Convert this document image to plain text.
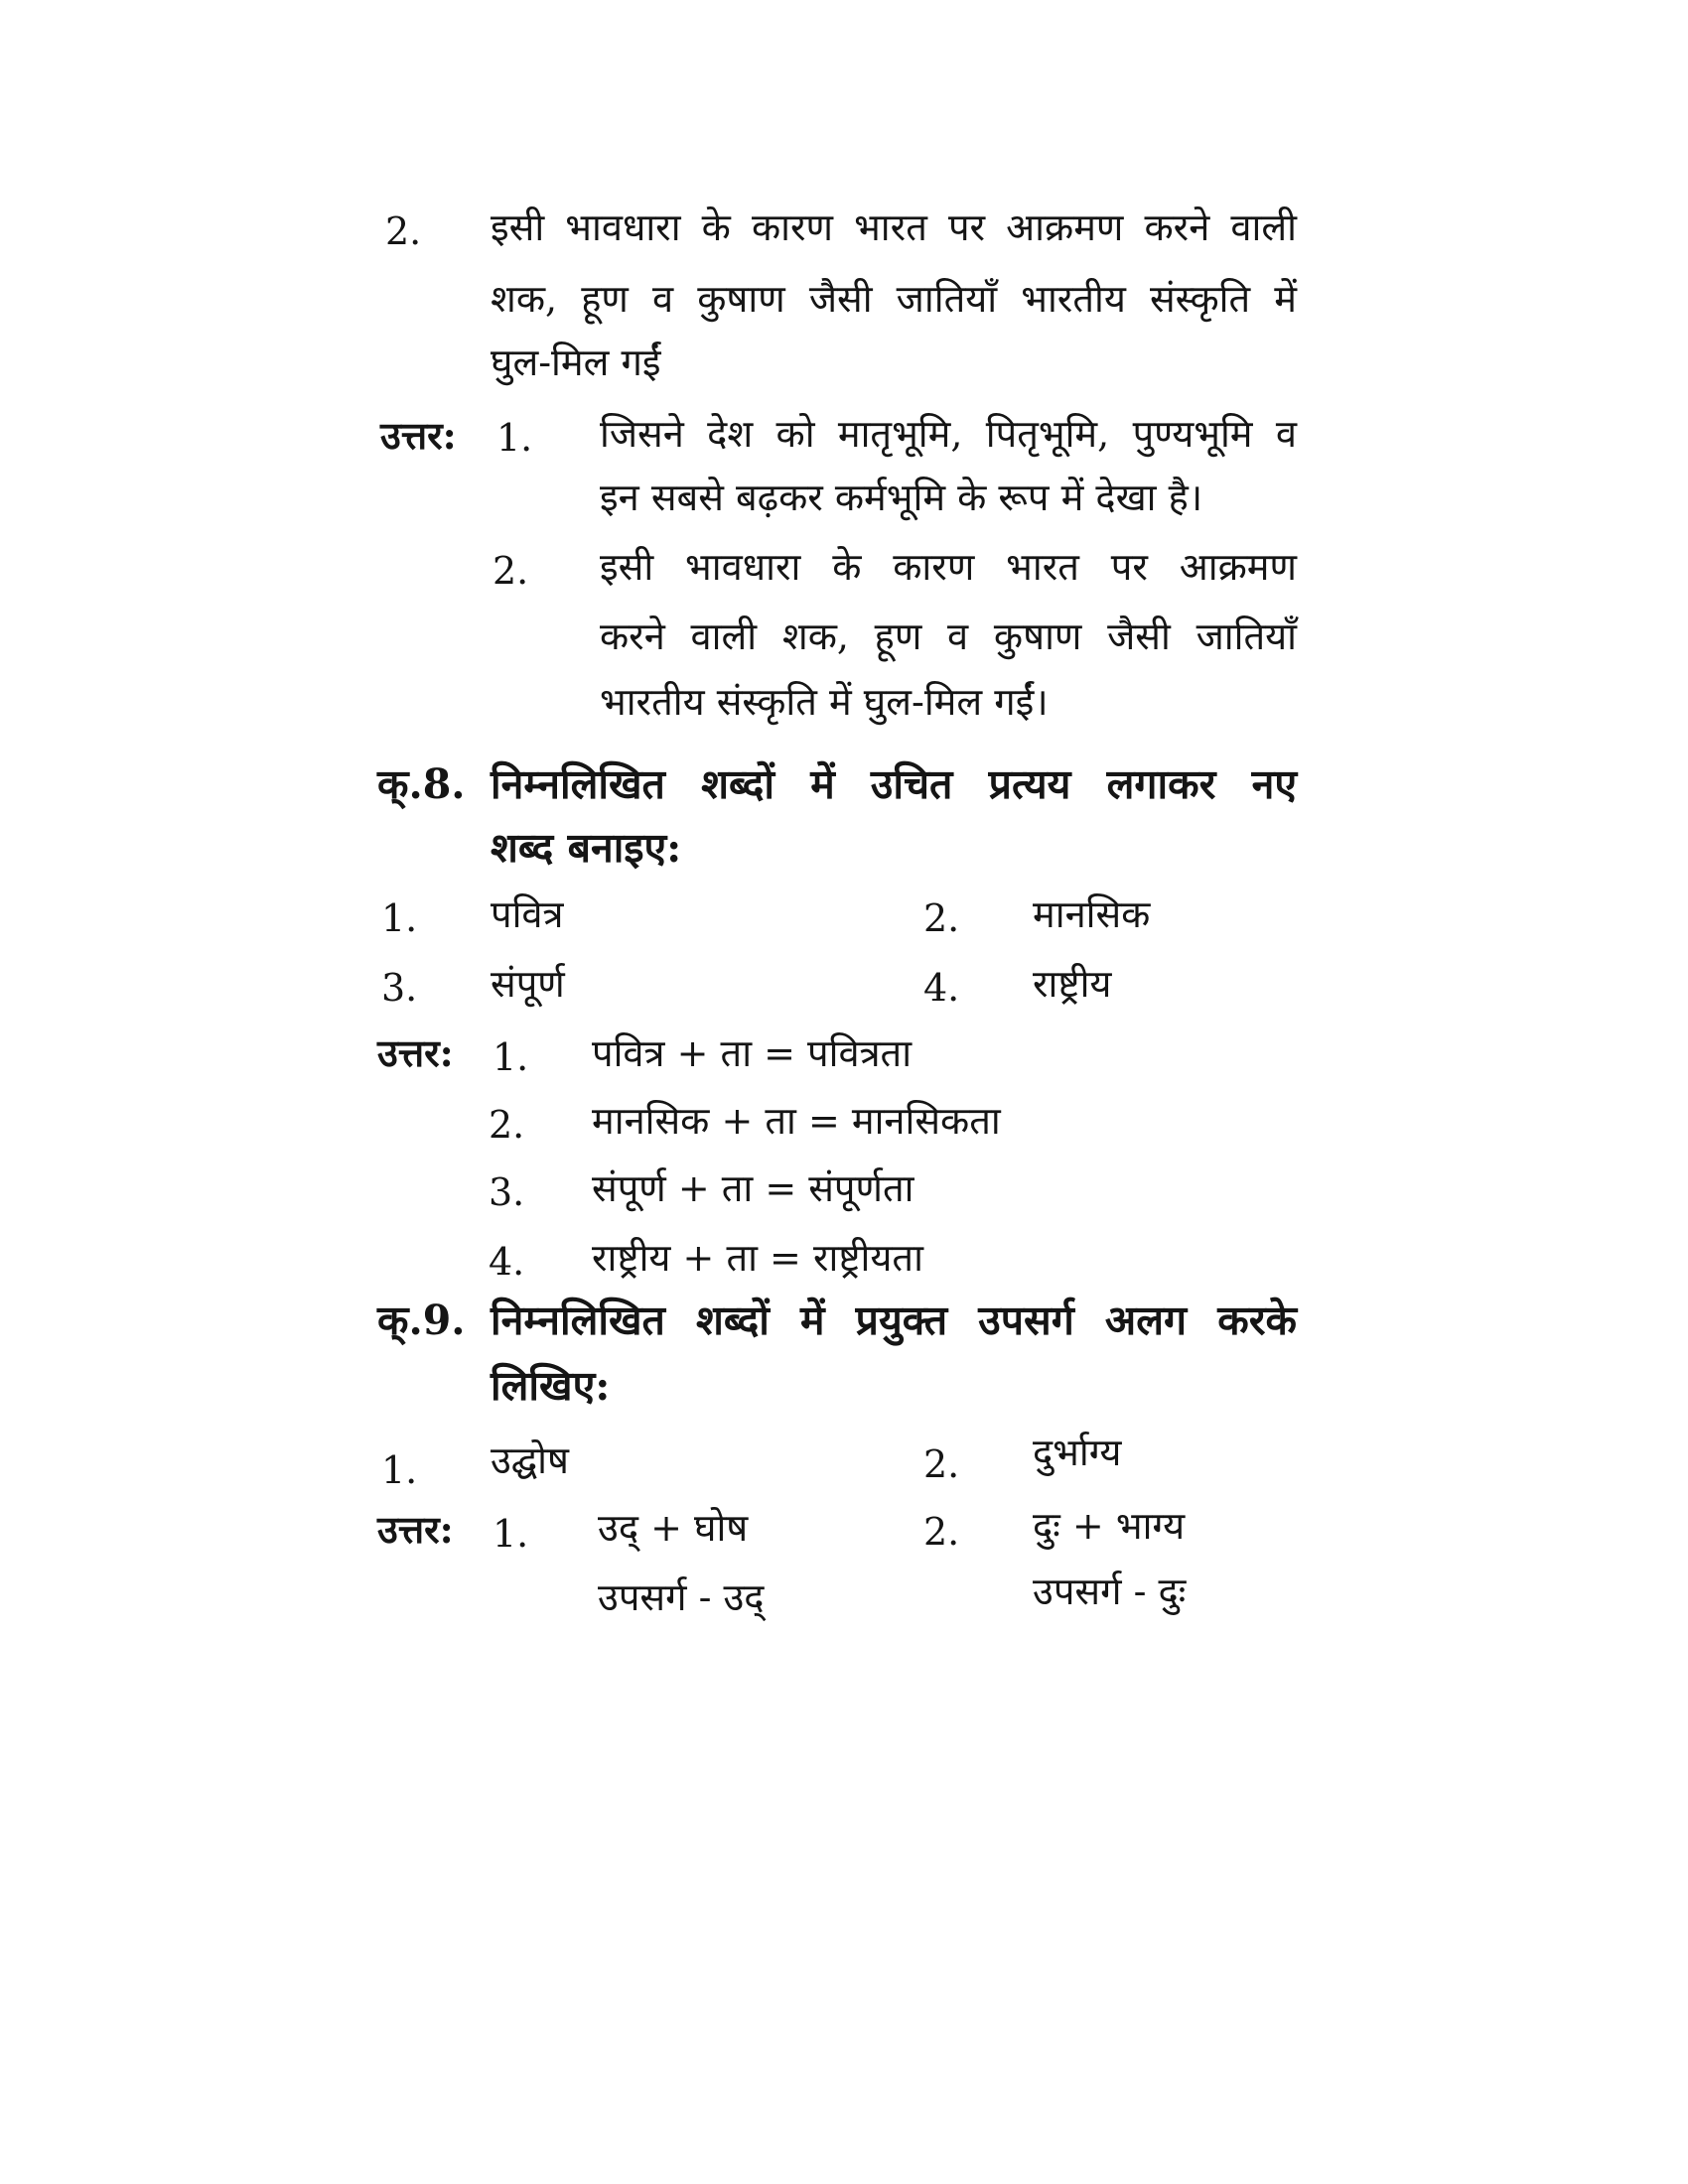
2. इसी भावधारा के कारण भारत पर आक्रमण करने वाली
शक, हूण व कुषाण जैसी जातियाँ भारतीय संस्कृति में
घुल-मिल गईं
उत्तर: 1. जिसने देश को मातृभूमि, पितृभूमि, पुण्यभूमि व
इन सबसे बढ़कर कर्मभूमि के रूप में देखा है।
2. इसी भावधारा के कारण भारत पर आक्रमण
करने वाली शक, हूण व कुषाण जैसी जातियाँ
भारतीय संस्कृति में घुल-मिल गईं।
क्.8. निम्नलिखित शब्दों में उचित प्रत्यय लगाकर नए
शब्द बनाइए:
1. पवित्र	2. मानसिक
3. संपूर्ण	4. राष्ट्रीय
उत्तर: 1. पवित्र + ता = पवित्रता
2. मानसिक + ता = मानसिकता
3. संपूर्ण + ता = संपूर्णता
4. राष्ट्रीय + ता = राष्ट्रीयता
क्.9. निम्नलिखित शब्दों में प्रयुक्त उपसर्ग अलग करके
लिखिए:
1. उद्घोष	2. दुर्भाग्य
उत्तर: 1. उद् + घोष	2. दुः + भाग्य
उपसर्ग - उद्	उपसर्ग - दुः
